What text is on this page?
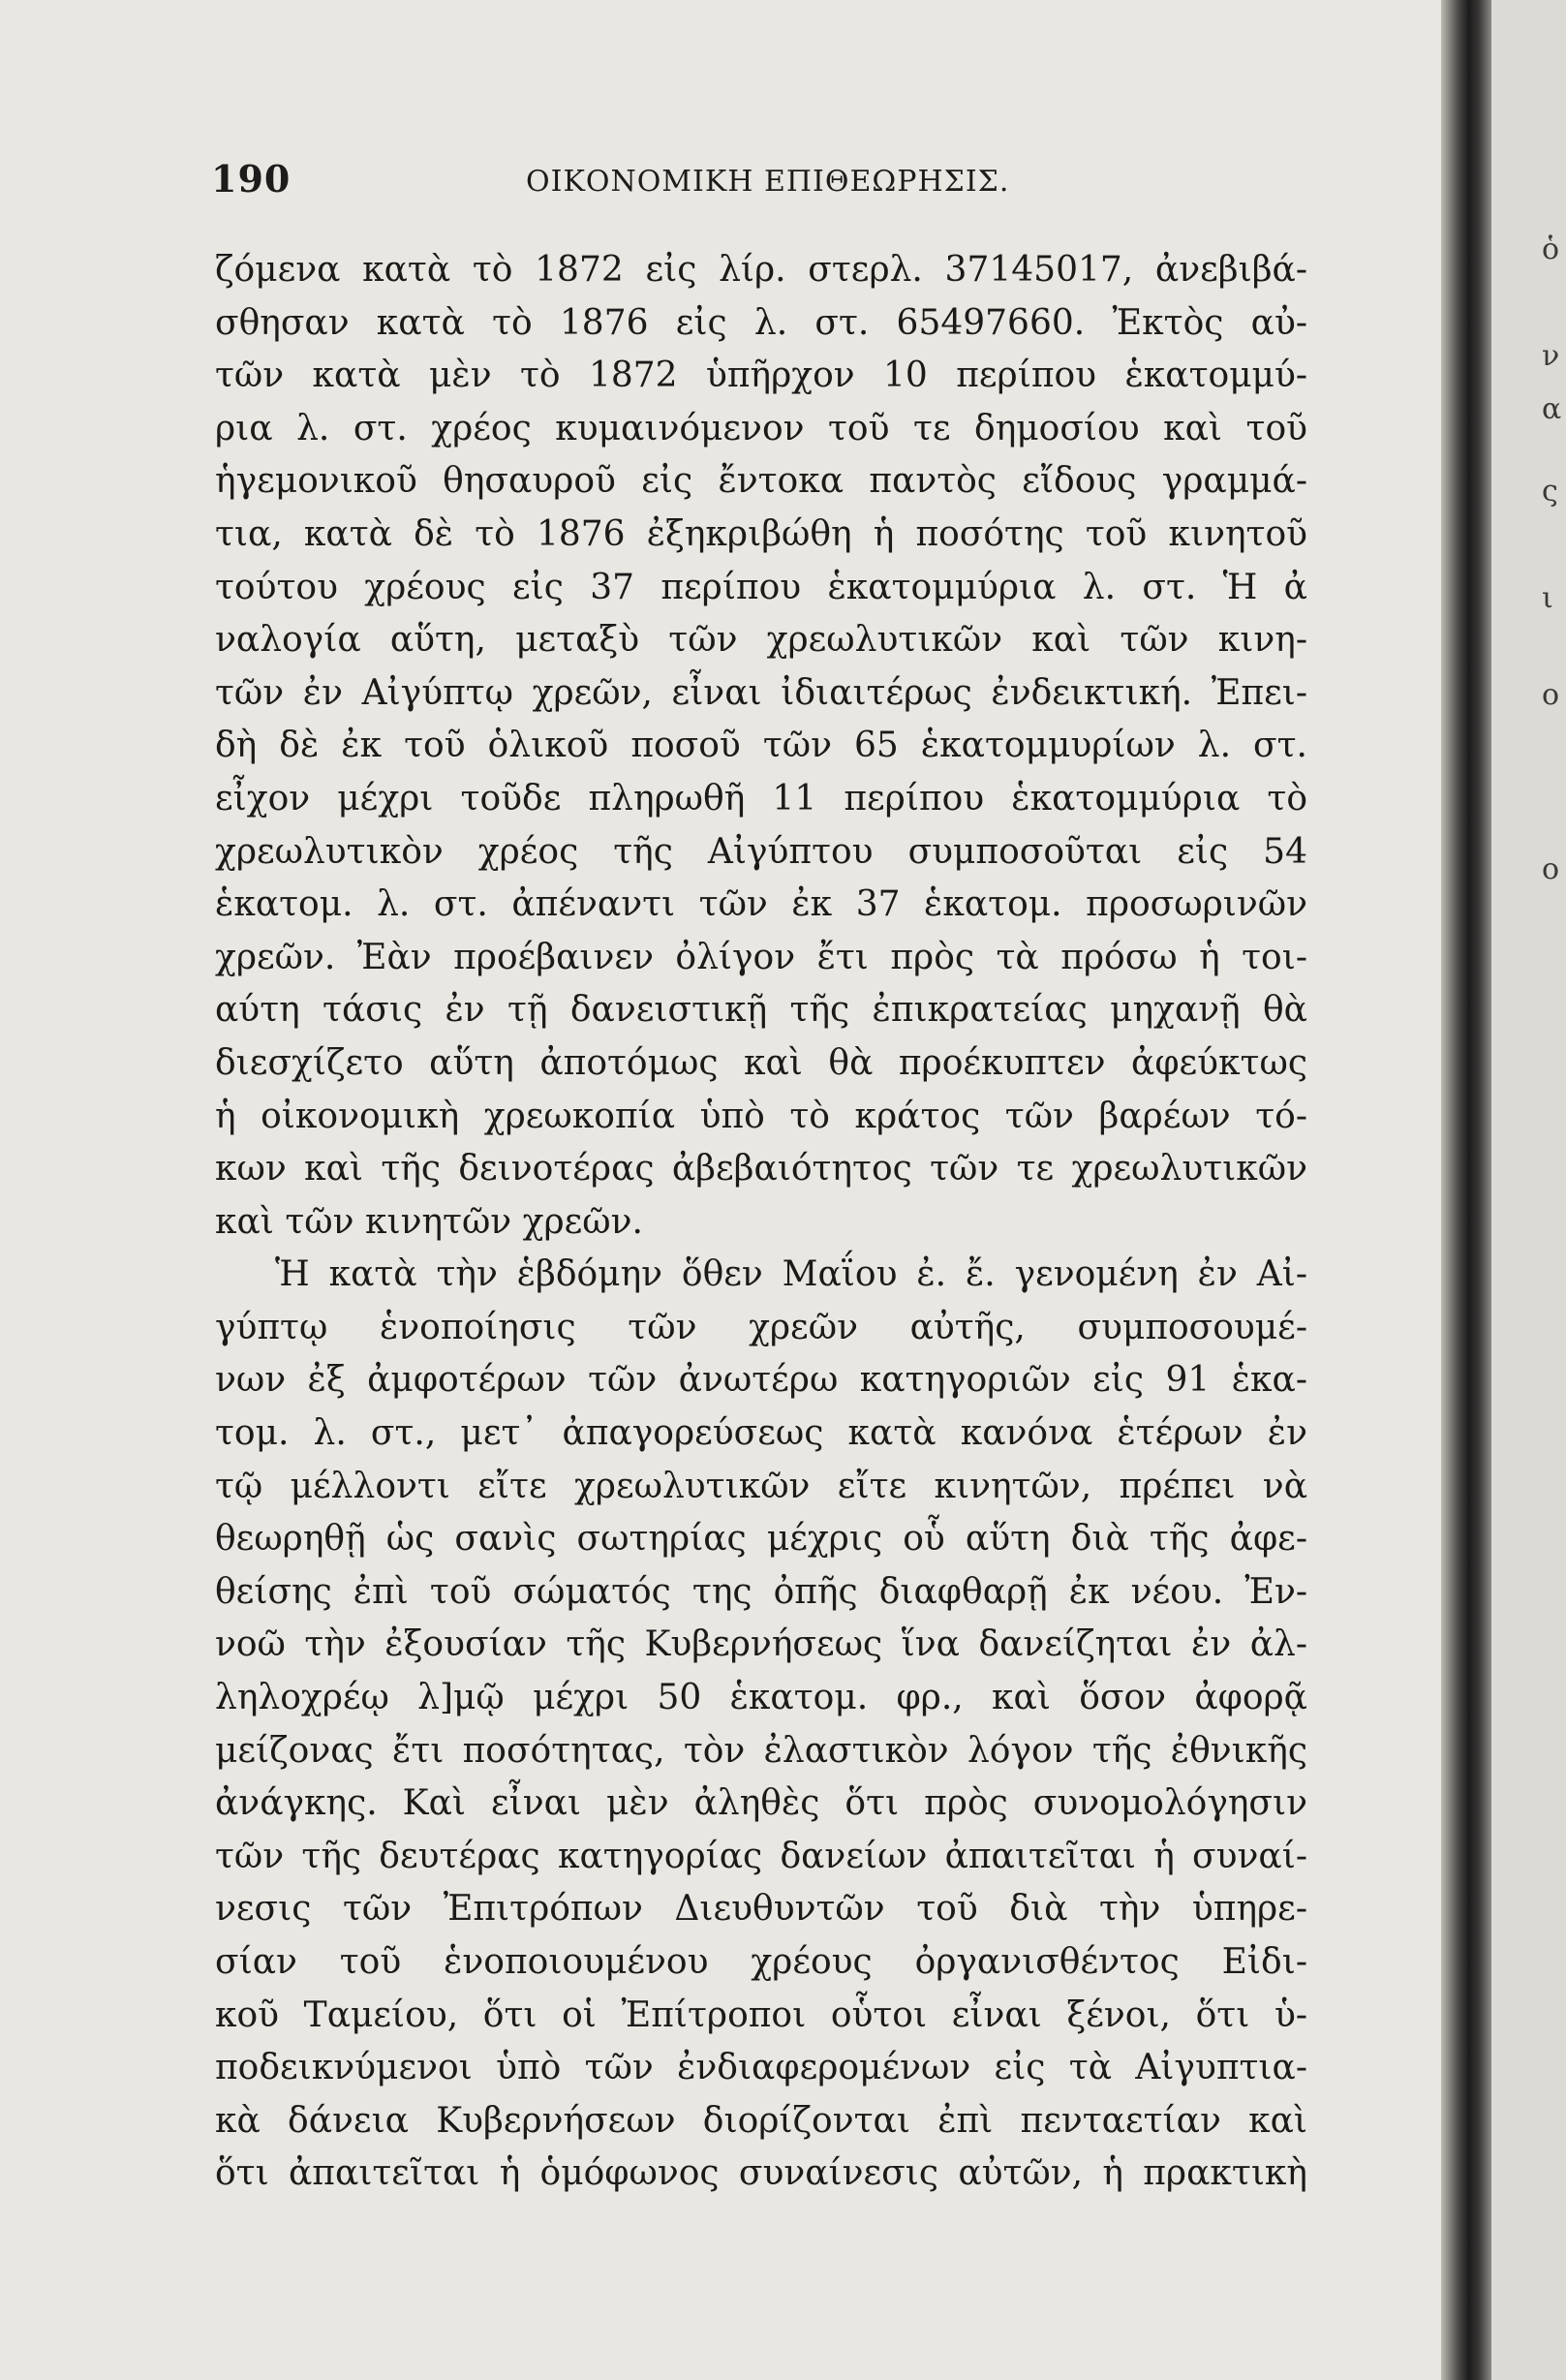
190	ΟΙΚΟΝΟΜΙΚΗ ΕΠΙΘΕΩΡΗΣΙΣ.
ζόμενα κατὰ τὸ 1872 εἰς λίρ. στερλ. 37145017, ἀνεβιβά-
σθησαν κατὰ τὸ 1876 εἰς λ. στ. 65497660. Ἐκτὸς αὐ-
τῶν κατὰ μὲν τὸ 1872 ὑπῆρχον 10 περίπου ἑκατομμύ-
ρια λ. στ. χρέος κυμαινόμενον τοῦ τε δημοσίου καὶ τοῦ
ἡγεμονικοῦ θησαυροῦ εἰς ἔντοκα παντὸς εἴδους γραμμά-
τια, κατὰ δὲ τὸ 1876 ἐξηκριβώθη ἡ ποσότης τοῦ κινητοῦ
τούτου χρέους εἰς 37 περίπου ἑκατομμύρια λ. στ. Ἡ ἀ
ναλογία αὕτη, μεταξὺ τῶν χρεωλυτικῶν καὶ τῶν κινη-
τῶν ἐν Αἰγύπτῳ χρεῶν, εἶναι ἰδιαιτέρως ἐνδεικτική. Ἐπει-
δὴ δὲ ἐκ τοῦ ὁλικοῦ ποσοῦ τῶν 65 ἑκατομμυρίων λ. στ.
εἶχον μέχρι τοῦδε πληρωθῆ 11 περίπου ἑκατομμύρια τὸ
χρεωλυτικὸν χρέος τῆς Αἰγύπτου συμποσοῦται εἰς 54
ἑκατομ. λ. στ. ἀπέναντι τῶν ἐκ 37 ἑκατομ. προσωρινῶν
χρεῶν. Ἐὰν προέβαινεν ὀλίγον ἔτι πρὸς τὰ πρόσω ἡ τοι-
αύτη τάσις ἐν τῇ δανειστικῇ τῆς ἐπικρατείας μηχανῇ θὰ
διεσχίζετο αὕτη ἀποτόμως καὶ θὰ προέκυπτεν ἀφεύκτως
ἡ οἰκονομικὴ χρεωκοπία ὑπὸ τὸ κράτος τῶν βαρέων τό-
κων καὶ τῆς δεινοτέρας ἀβεβαιότητος τῶν τε χρεωλυτικῶν
καὶ τῶν κινητῶν χρεῶν.
Ἡ κατὰ τὴν ἑβδόμην ὅθεν Μαΐου ἐ. ἔ. γενομένη ἐν Αἰ-
γύπτῳ ἑνοποίησις τῶν χρεῶν αὐτῆς, συμποσουμέ-
νων ἐξ ἀμφοτέρων τῶν ἀνωτέρω κατηγοριῶν εἰς 91 ἑκα-
τομ. λ. στ., μετ᾽ ἀπαγορεύσεως κατὰ κανόνα ἑτέρων ἐν
τῷ μέλλοντι εἴτε χρεωλυτικῶν εἴτε κινητῶν, πρέπει νὰ
θεωρηθῇ ὡς σανὶς σωτηρίας μέχρις οὗ αὕτη διὰ τῆς ἀφε-
θείσης ἐπὶ τοῦ σώματός της ὀπῆς διαφθαρῇ ἐκ νέου. Ἐν-
νοῶ τὴν ἐξουσίαν τῆς Κυβερνήσεως ἵνα δανείζηται ἐν ἀλ-
ληλοχρέῳ λ]μῷ μέχρι 50 ἑκατομ. φρ., καὶ ὅσον ἀφορᾷ
μείζονας ἔτι ποσότητας, τὸν ἐλαστικὸν λόγον τῆς ἐθνικῆς
ἀνάγκης. Καὶ εἶναι μὲν ἀληθὲς ὅτι πρὸς συνομολόγησιν
τῶν τῆς δευτέρας κατηγορίας δανείων ἀπαιτεῖται ἡ συναί-
νεσις τῶν Ἐπιτρόπων Διευθυντῶν τοῦ διὰ τὴν ὑπηρε-
σίαν τοῦ ἑνοποιουμένου χρέους ὀργανισθέντος Εἰδι-
κοῦ Ταμείου, ὅτι οἱ Ἐπίτροποι οὗτοι εἶναι ξένοι, ὅτι ὑ-
ποδεικνύμενοι ὑπὸ τῶν ἐνδιαφερομένων εἰς τὰ Αἰγυπτια-
κὰ δάνεια Κυβερνήσεων διορίζονται ἐπὶ πενταετίαν καὶ
ὅτι ἀπαιτεῖται ἡ ὁμόφωνος συναίνεσις αὐτῶν, ἡ πρακτικὴ
ὁ
ν
α
ς
ι
ο
ο
